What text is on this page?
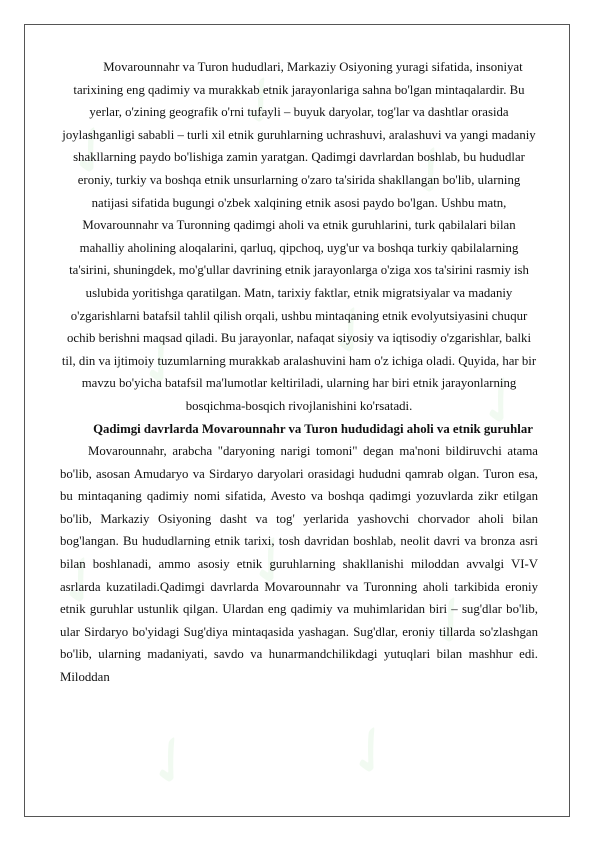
✓
✓
✓
✓ ✓
✓
✓ ✓
✓
✓ ✓

Movarounnahr va Turon hududlari, Markaziy Osiyoning yuragi sifatida, insoniyat tarixining eng qadimiy va murakkab etnik jarayonlariga sahna bo'lgan mintaqalardir. Bu yerlar, o'zining geografik o'rni tufayli – buyuk daryolar, tog'lar va dashtlar orasida joylashganligi sababli – turli xil etnik guruhlarning uchrashuvi, aralashuvi va yangi madaniy shakllarning paydo bo'lishiga zamin yaratgan. Qadimgi davrlardan boshlab, bu hududlar eroniy, turkiy va boshqa etnik unsurlarning o'zaro ta'sirida shakllangan bo'lib, ularning natijasi sifatida bugungi o'zbek xalqining etnik asosi paydo bo'lgan. Ushbu matn, Movarounnahr va Turonning qadimgi aholi va etnik guruhlarini, turk qabilalari bilan mahalliy aholining aloqalarini, qarluq, qipchoq, uyg'ur va boshqa turkiy qabilalarning ta'sirini, shuningdek, mo'g'ullar davrining etnik jarayonlarga o'ziga xos ta'sirini rasmiy ish uslubida yoritishga qaratilgan. Matn, tarixiy faktlar, etnik migratsiyalar va madaniy o'zgarishlarni batafsil tahlil qilish orqali, ushbu mintaqaning etnik evolyutsiyasini chuqur ochib berishni maqsad qiladi. Bu jarayonlar, nafaqat siyosiy va iqtisodiy o'zgarishlar, balki til, din va ijtimoiy tuzumlarning murakkab aralashuvini ham o'z ichiga oladi. Quyida, har bir mavzu bo'yicha batafsil ma'lumotlar keltiriladi, ularning har biri etnik jarayonlarning bosqichma-bosqich rivojlanishini ko'rsatadi.

Qadimgi davrlarda Movarounnahr va Turon hududidagi aholi va etnik guruhlar

Movarounnahr, arabcha "daryoning narigi tomoni" degan ma'noni bildiruvchi atama bo'lib, asosan Amudaryo va Sirdaryo daryolari orasidagi hududni qamrab olgan. Turon esa, bu mintaqaning qadimiy nomi sifatida, Avesto va boshqa qadimgi yozuvlarda zikr etilgan bo'lib, Markaziy Osiyoning dasht va tog' yerlarida yashovchi chorvador aholi bilan bog'langan. Bu hududlarning etnik tarixi, tosh davridan boshlab, neolit davri va bronza asri bilan boshlanadi, ammo asosiy etnik guruhlarning shakllanishi miloddan avvalgi VI-V asrlarda kuzatiladi.Qadimgi davrlarda Movarounnahr va Turonning aholi tarkibida eroniy etnik guruhlar ustunlik qilgan. Ulardan eng qadimiy va muhimlaridan biri – sug'dlar bo'lib, ular Sirdaryo bo'yidagi Sug'diya mintaqasida yashagan. Sug'dlar, eroniy tillarda so'zlashgan bo'lib, ularning madaniyati, savdo va hunarmandchilikdagi yutuqlari bilan mashhur edi. Miloddan
